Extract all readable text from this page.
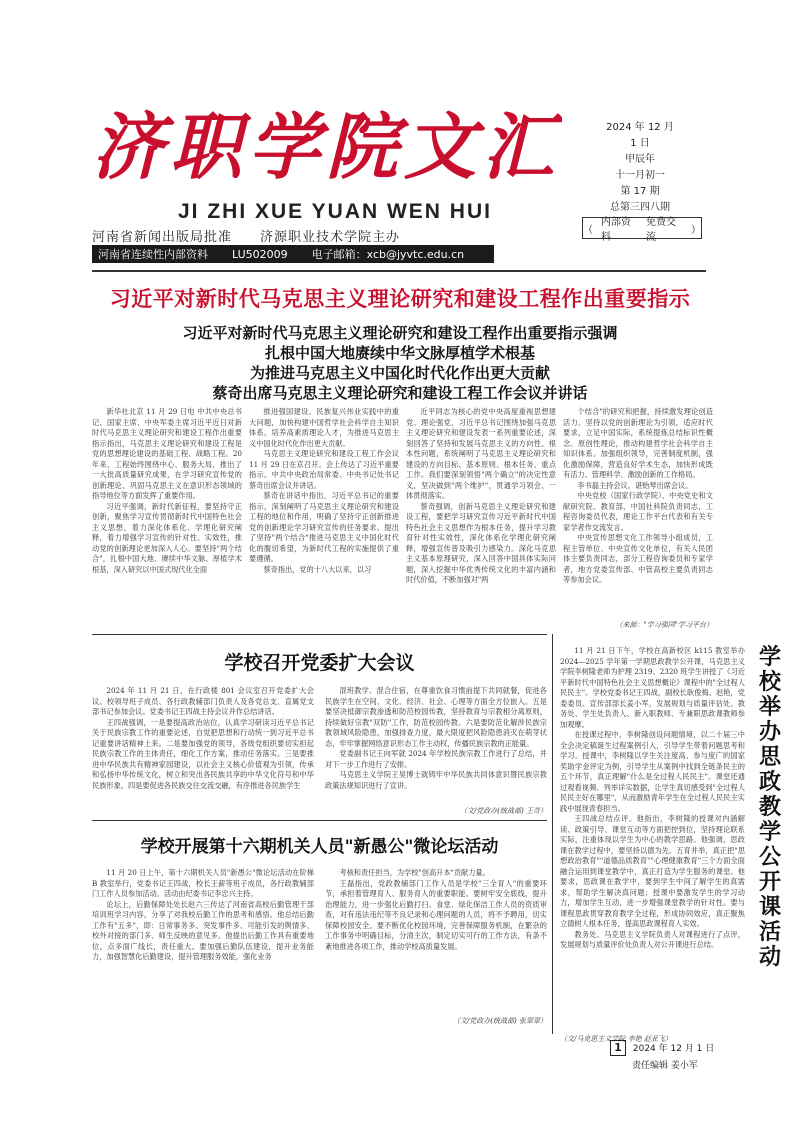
济 职 学 院 文 汇
JI ZHI XUE YUAN WEN HUI
河南省新闻出版局批准 济源职业技术学院主办
河南省连续性内部资料 LU502009 电子邮箱：xcb@jyvtc.edu.cn
2024 年 12 月
1 日
甲辰年
十一月初一
第 17 期
总第三四八期
（
内部资料
免费交流
）
习近平对新时代马克思主义理论研究和建设工程作出重要指示
习近平对新时代马克思主义理论研究和建设工程作出重要指示强调
扎根中国大地赓续中华文脉厚植学术根基
为推进马克思主义中国化时代化作出更大贡献
蔡奇出席马克思主义理论研究和建设工程工作会议并讲话

新华社北京 11 月 29 日电 中共中央总书记、国家主席、中央军委主席习近平近日对新时代马克思主义理论研究和建设工程作出重要指示指出，马克思主义理论研究和建设工程是党的思想理论建设的基础工程、战略工程。20年来，工程始终围绕中心、服务大局，推出了一大批高质量研究成果，在学习研究宣传党的创新理论、巩固马克思主义在意识形态领域的指导地位等方面发挥了重要作用。

习近平强调，新时代新征程，要坚持守正创新，聚焦学习宣传贯彻新时代中国特色社会主义思想，着力深化体系化、学理化研究阐释，着力增强学习宣传的针对性、实效性，推动党的创新理论更加深入人心。要坚持"两个结合"，扎根中国大地、赓续中华文脉、厚植学术根基，深入研究以中国式现代化全面

推进强国建设、民族复兴伟业实践中的重大问题，加快构建中国哲学社会科学自主知识体系，培养高素质理论人才，为推进马克思主义中国化时代化作出更大贡献。

马克思主义理论研究和建设工程工作会议 11 月 29 日在京召开。会上传达了习近平重要指示。中共中央政治局常委、中央书记处书记蔡奇出席会议并讲话。

蔡奇在讲话中指出，习近平总书记的重要指示，深刻阐明了马克思主义理论研究和建设工程的地位和作用，明确了坚持守正创新推进党的创新理论学习研究宣传的任务要求。提出了坚持"两个结合"推进马克思主义中国化时代化的腹切希望，为新时代工程的实施提供了重要遵循。

蔡奇指出，党的十八大以来，以习

近平同志为核心的党中央高度重视思想建党、理论强党，习近平总书记围绕加强马克思主义理论研究和建设发表一系列重要论述，深刻回答了坚持和发展马克思主义的方向性、根本性问题，系统阐明了马克思主义理论研究和建设的方向目标、基本原则、根本任务、重点工作。我们要深刻领悟"两个确立"的决定性意义，坚决做到"两个维护"，贯通学习领会、一体贯彻落实。

蔡奇强调，创新马克思主义理论研究和建设工程，要把学习研究宣传习近平新时代中国特色社会主义思想作为根本任务，提升学习教育针对性实效性，深化体系化学理化研究阐释，增强宣传普及吸引力感染力。深化马克思主义基本原理研究，深入回答中国具体实际问题，深入挖掘中华优秀传统文化的丰富内涵和时代价值，不断加强对"两

个结合"的研究和把握，持续激发理论创造活力。坚持以党的创新理论为引领，适应时代要求，立足中国实际，系统提炼总结标识性概念、原创性理论，推动构建哲学社会科学自主知识体系。加强组织领导，完善制度机制，强化激励保障，营造良好学术生态，加快形成既有活力、管理科学、激励创新的工作格局。

李书磊主持会议。谌贻琴出席会议。

中央党校（国家行政学院）、中央党史和文献研究院、教育部、中国社科院负责同志，工程咨询委员代表，理论工作平台代表和有关专家学者作交流发言。

中央宣传思想文化工作领导小组成员，工程主管单位、中央宣传文化单位，有关人民团体主要负责同志，部分工程咨询委员和专家学者，地方党委宣传部、中管高校主要负责同志等参加会议。

（来源："学习强国"学习平台）
学校召开党委扩大会议

2024 年 11 月 21 日，在行政楼 801 会议室召开党委扩大会议。校领导班子成员、各行政教辅部门负责人及各党总支、直属党支部书记参加会议。党委书记王四战主持会议并作总结讲话。

王四战强调，一是要提高政治站位，认真学习研读习近平总书记关于民族宗教工作的重要论述，自觉把思想和行动统一到习近平总书记重要讲话精神上来。二是要加强党的领导，各级党组织要切实担起民族宗教工作的主体责任，细化工作方案，推动任务落实。三是要推进中华民族共有精神家园建设，以社会主义核心价值观为引领，传承和弘扬中华传统文化，树立和突出各民族共享的中华文化符号和中华民族形象。四是要促进各民族交往交流交融，有序推进各民族学生

混班教学、混合住宿，在尊重饮食习惯前提下共同就餐，促进各民族学生在空间、文化、经济、社会、心理等方面全方位嵌入。五是要坚决抵御宗教渗透和防范校园传教，坚持教育与宗教相分离原则，持续做好宗教"双防"工作，防范校园传教。六是要防范化解涉民族宗教领域风险隐患，加强排查力度，最大限度把风险隐患消灭在萌芽状态，牢牢掌握网络意识形态工作主动权，传播民族宗教的正能量。

党委副书记王向军就 2024 年学校民族宗教工作进行了总结，并对下一步工作进行了安排。

马克思主义学院王昊博士就铸牢中华民族共同体意识暨民族宗教政策法规知识进行了宣讲。

（文/党政办(统战部) 王奇）
学校开展第十六期机关人员"新愚公"微论坛活动

11 月 20 日上午，第十六期机关人员"新愚公"微论坛活动在阶梯 B 教室举行，党委书记王四战，校长王薪等班子成员，各行政教辅部门工作人员参加活动。活动由纪委书记李忠兴主持。

论坛上，后勤保障处处长赵六三传达了河南省高校后勤管理干部培训班学习内容，分享了对我校后勤工作的思考和感悟。他总结后勤工作有"五多"，即：日常事务多、突发事件多、可能引发的舆情多、校外对接的部门多、师生反映的意见多。他提出后勤工作具有重要地位，点多面广线长，责任重大。要加强后勤队伍建设，提升业务能力，加强智慧化后勤建设，提升管理服务效能，强化业务

考核和责任担当，为学校"创高升本"贡献力量。

王磊指出，党政教辅部门工作人员是学校"三全育人"的重要环节，承担着管理育人、服务育人的重要职能。要树牢安全底线，提升治理能力，进一步强化后勤打扫、食堂、绿化保洁工作人员的资质审查，对有违法违纪等不良记录和心理问题的人员，将不予聘用，切实保障校园安全。要不断优化校园环境，完善保障服务机制，在繁杂的工作事务中明确目标，分清主次，制定切实可行的工作方法，有条不紊地推进各项工作，推动学校高质量发展。

（文/党政办(统战部) 张翠翠）
学校举办思政教学公开课活动

11 月 21 日下午，学校在高新校区 k115 教室举办 2024—2025 学年第一学期思政教学公开课，马克思主义学院李树隆老师为护理 2319、2320 班学生讲授了《习近平新时代中国特色社会主义思想概论》课程中的"全过程人民民主"。学校党委书记王四战，副校长耿俊梅、赵艳，党委委员、宣传部部长姜小军，发展规划与质量评估处、教务处、学生处负责人、新入职教师、专兼职思政课教师参加观摩。

在授课过程中，李树隆创设问题情境，以二十届三中全会决定稿诞生过程案例引入，引导学生带着问题思考和学习。授课中，李树隆以学生关注度高、参与度广的国家奖助学金评定为例，引导学生从案例中找到全链条民主的五个环节，真正理解"什么是全过程人民民主"。课堂还通过观看视频、列举详实数据，让学生真切感受到"全过程人民民主好在哪里"，从而激励青年学生在全过程人民民主实践中展现青春担当。

王四战总结点评。他指出，李树隆的授课对内涵解读、政策引导、课堂互动等方面把控到位，坚持理论联系实际，注重体现以学生为中心的教学思路。他强调，思政课在教学过程中，要坚持以德为先、五育并举，真正把"思想政治教育""道德品质教育""心理健康教育"三个方面全面融合运用到课堂教学中，真正打造为学生服务的课堂。他要求，思政课在教学中，要到学生中间了解学生的真需求，帮助学生解决真问题；授课中要激发学生的学习动力，增加学生互动，进一步增强课堂教学的针对性。要与课程思政贯穿教育教学全过程，形成协同效应，真正聚焦立德树人根本任务，提高思政课程育人实效。

教务处、马克思主义学院负责人对课程进行了点评，发展规划与质量评价处负责人对公开课进行总结。

（文/马克思主义学院 李艳 赵亚飞）
1 2024 年 12 月 1 日
责任编辑 姜小军
